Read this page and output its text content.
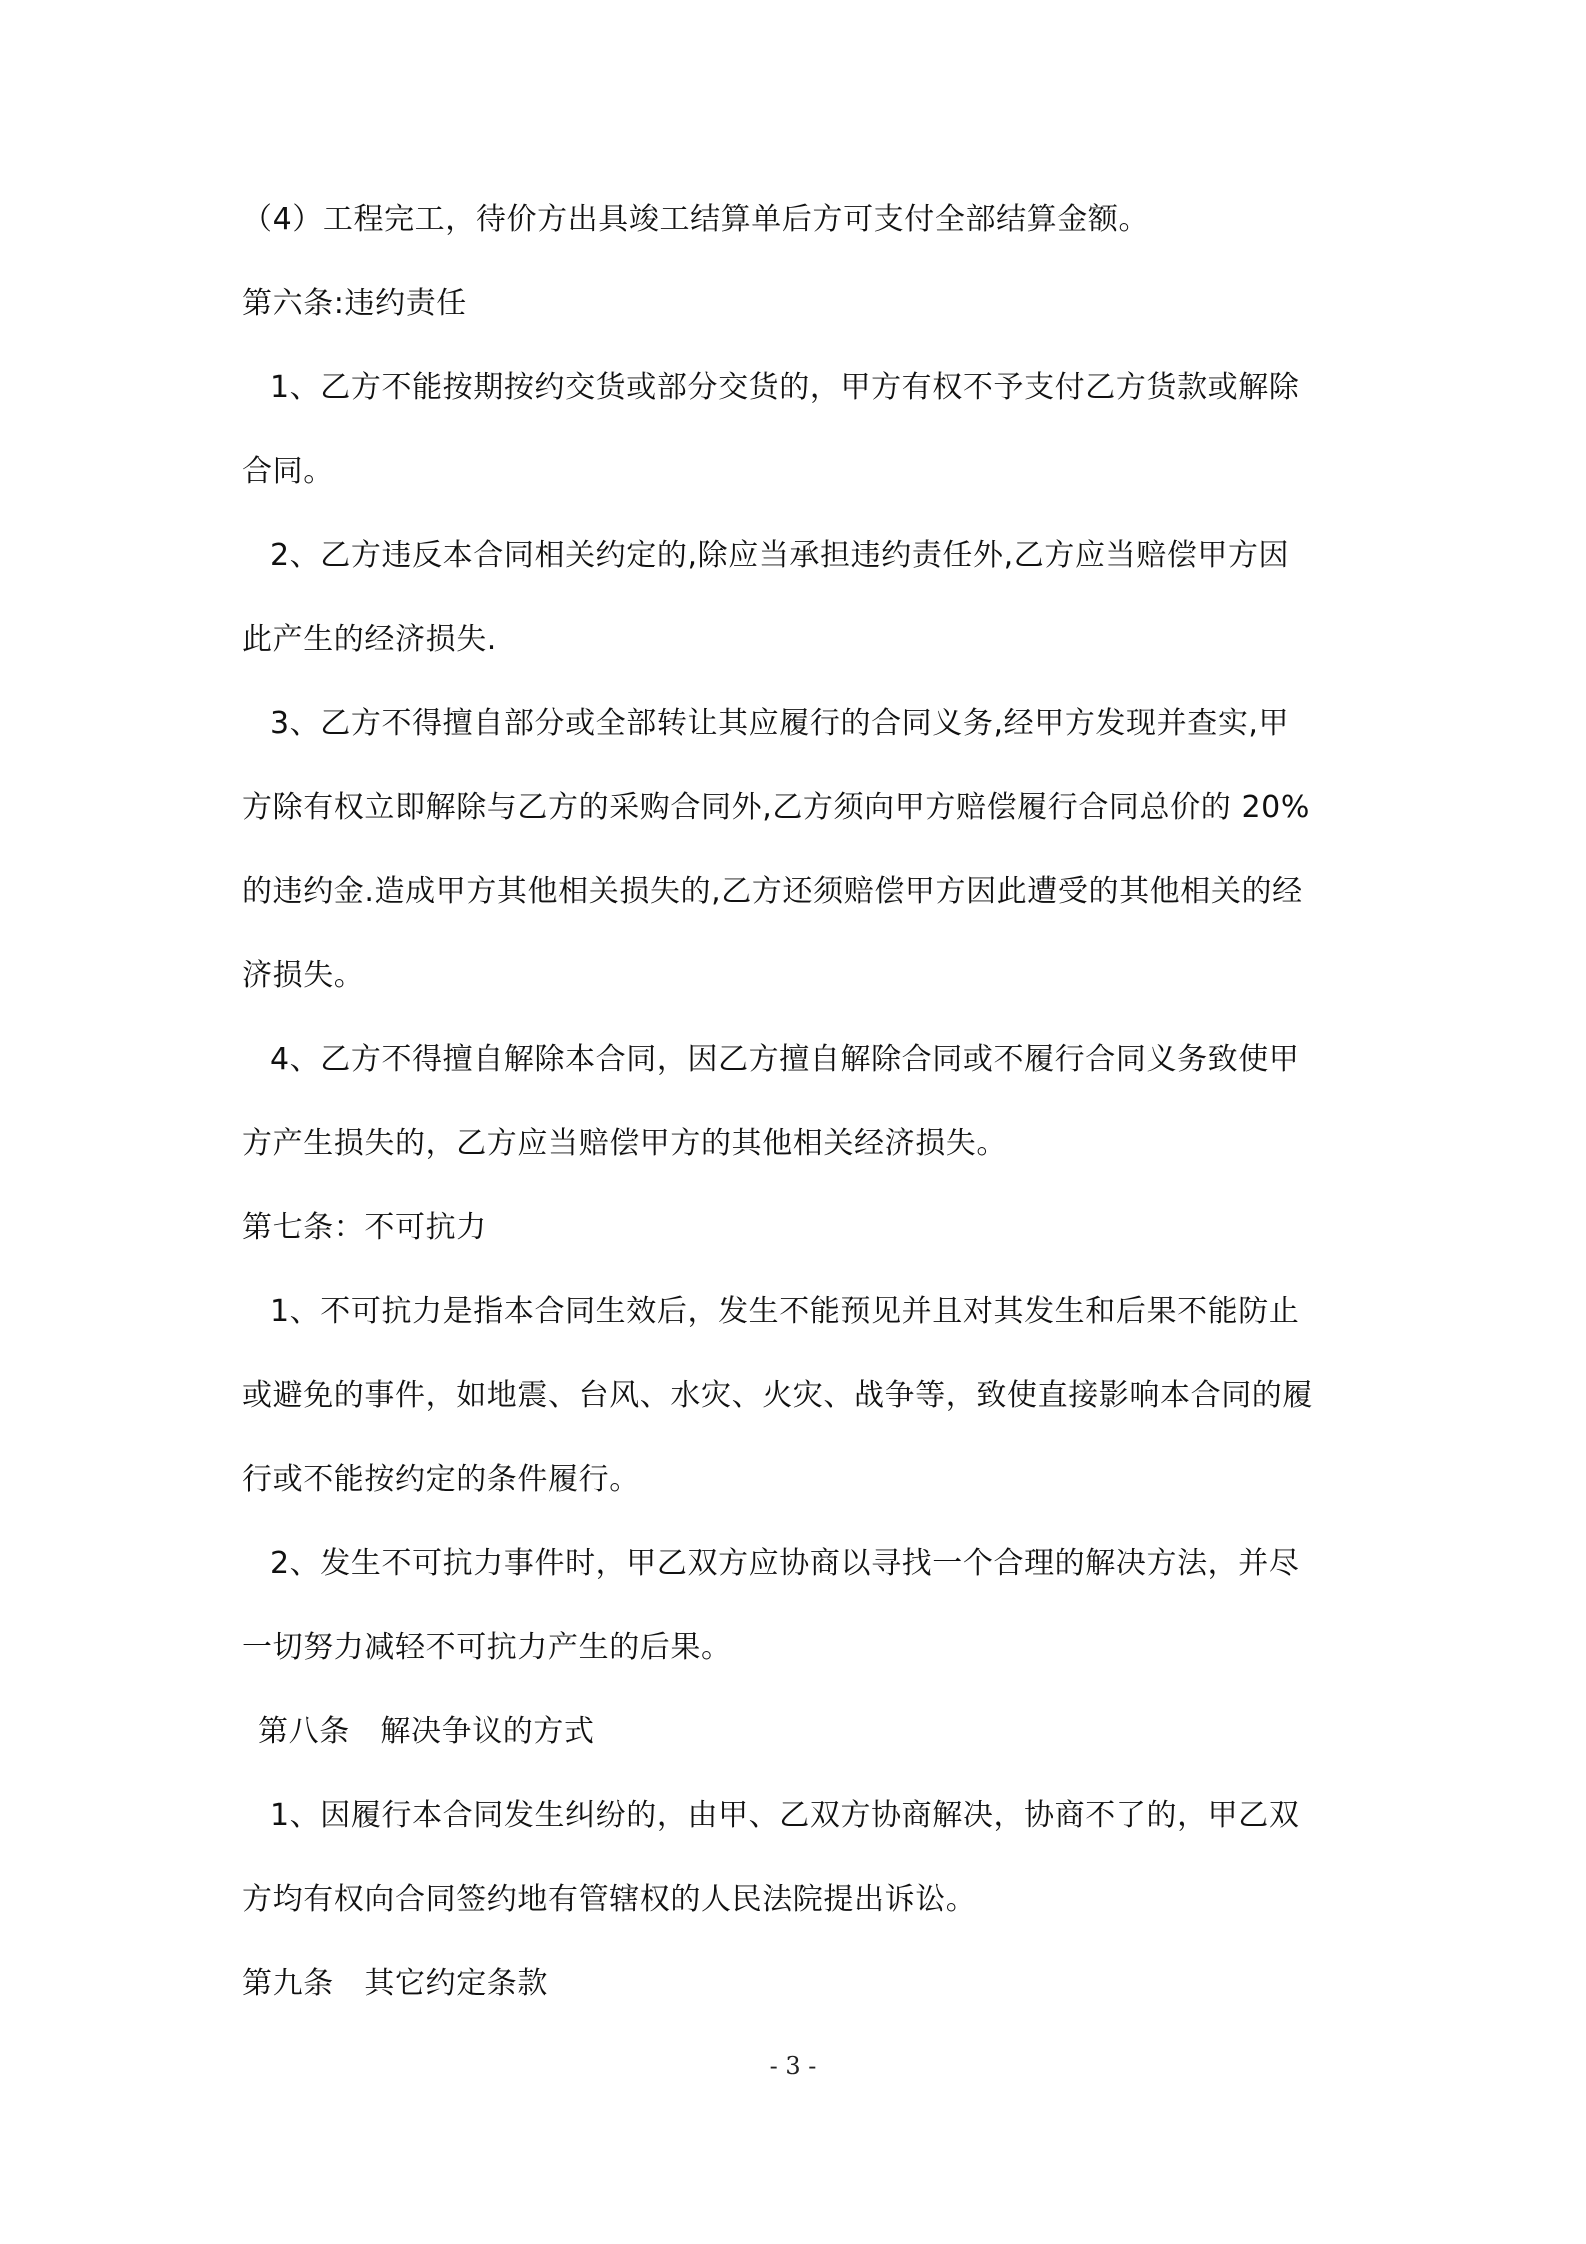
（4）工程完工，待价方出具竣工结算单后方可支付全部结算金额。
第六条:违约责任
1、乙方不能按期按约交货或部分交货的，甲方有权不予支付乙方货款或解除
合同。
2、乙方违反本合同相关约定的,除应当承担违约责任外,乙方应当赔偿甲方因
此产生的经济损失.
3、乙方不得擅自部分或全部转让其应履行的合同义务,经甲方发现并查实,甲
方除有权立即解除与乙方的采购合同外,乙方须向甲方赔偿履行合同总价的 20%
的违约金.造成甲方其他相关损失的,乙方还须赔偿甲方因此遭受的其他相关的经
济损失。
4、乙方不得擅自解除本合同，因乙方擅自解除合同或不履行合同义务致使甲
方产生损失的，乙方应当赔偿甲方的其他相关经济损失。
第七条：不可抗力
1、不可抗力是指本合同生效后，发生不能预见并且对其发生和后果不能防止
或避免的事件，如地震、台风、水灾、火灾、战争等，致使直接影响本合同的履
行或不能按约定的条件履行。
2、发生不可抗力事件时，甲乙双方应协商以寻找一个合理的解决方法，并尽
一切努力减轻不可抗力产生的后果。
第八条　解决争议的方式
1、因履行本合同发生纠纷的，由甲、乙双方协商解决，协商不了的，甲乙双
方均有权向合同签约地有管辖权的人民法院提出诉讼。
第九条　其它约定条款
- 3 -
